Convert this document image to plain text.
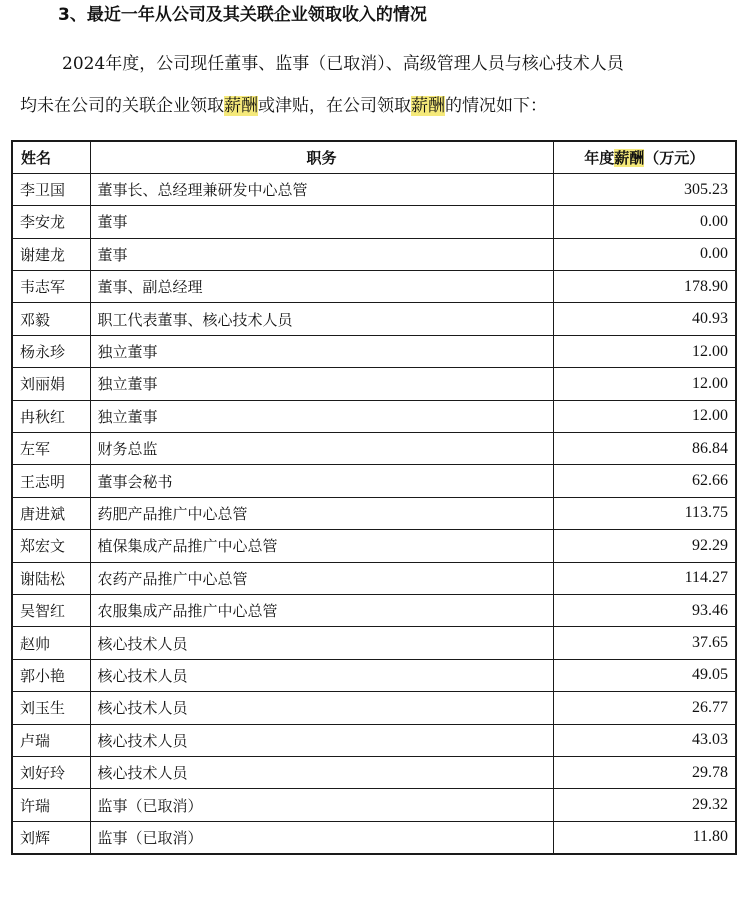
3、最近一年从公司及其关联企业领取收入的情况
2024年度，公司现任董事、监事（已取消）、高级管理人员与核心技术人员
均未在公司的关联企业领取薪酬或津贴，在公司领取薪酬的情况如下：
姓名	职务	年度薪酬（万元）
李卫国	董事长、总经理兼研发中心总管	305.23
李安龙	董事	0.00
谢建龙	董事	0.00
韦志军	董事、副总经理	178.90
邓毅	职工代表董事、核心技术人员	40.93
杨永珍	独立董事	12.00
刘丽娟	独立董事	12.00
冉秋红	独立董事	12.00
左军	财务总监	86.84
王志明	董事会秘书	62.66
唐进斌	药肥产品推广中心总管	113.75
郑宏文	植保集成产品推广中心总管	92.29
谢陆松	农药产品推广中心总管	114.27
吴智红	农服集成产品推广中心总管	93.46
赵帅	核心技术人员	37.65
郭小艳	核心技术人员	49.05
刘玉生	核心技术人员	26.77
卢瑞	核心技术人员	43.03
刘好玲	核心技术人员	29.78
许瑞	监事（已取消）	29.32
刘辉	监事（已取消）	11.80
